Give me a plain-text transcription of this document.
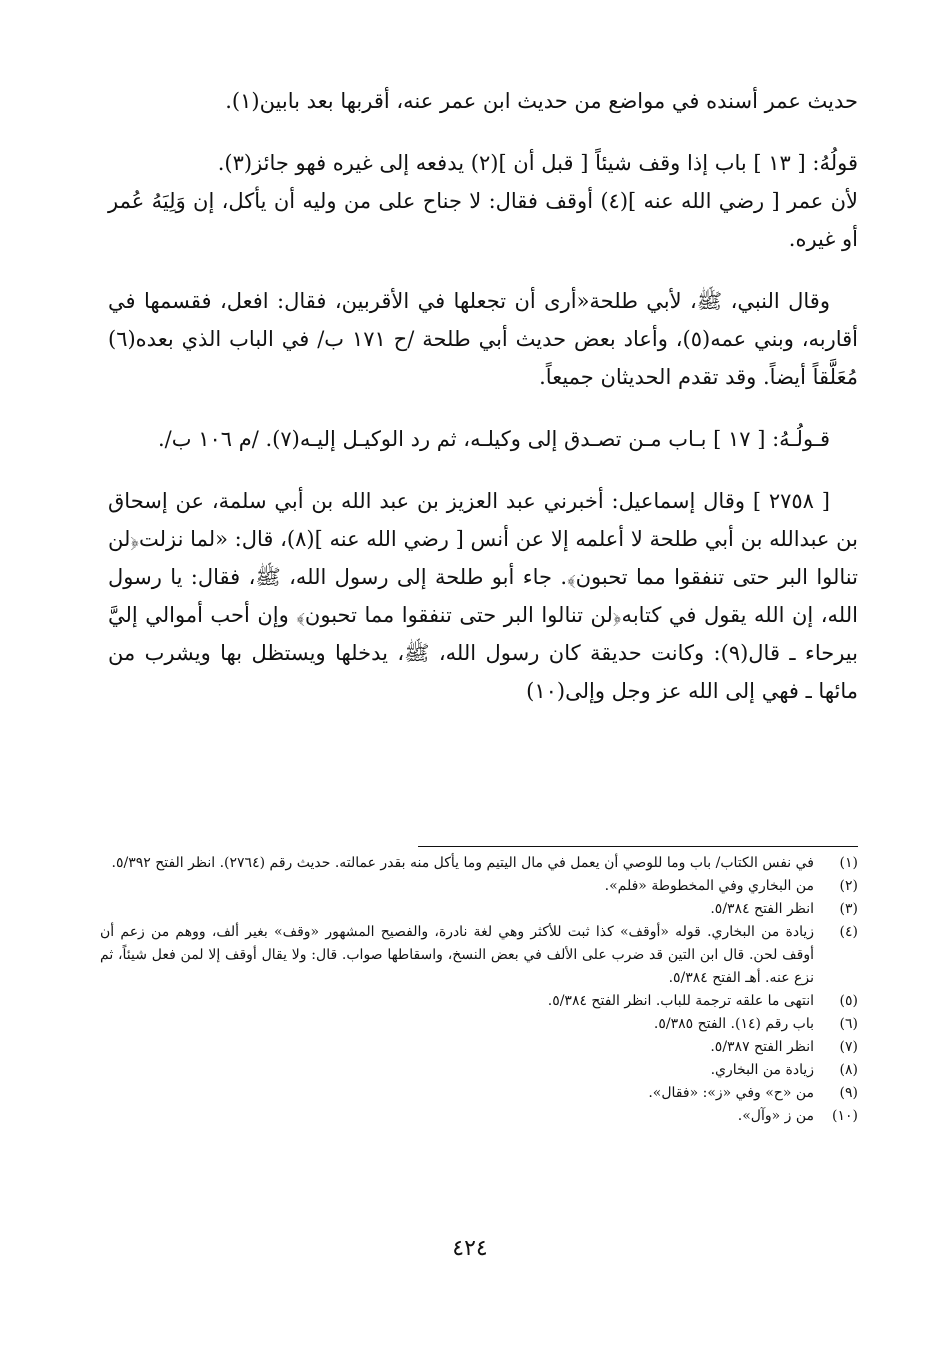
حديث عمر أسنده في مواضع من حديث ابن عمر عنه، أقربها بعد بابين(١).

قولُهُ: [ ١٣ ] باب إذا وقف شيئاً [ قبل أن ](٢) يدفعه إلى غيره فهو جائز(٣).

لأن عمر [ رضي الله عنه ](٤) أوقف فقال: لا جناح على من وليه أن يأكل، إن وَلِيَهُ عُمر أو غيره.

وقال النبي، ﷺ، لأبي طلحة«أرى أن تجعلها في الأقربين، فقال: افعل، فقسمها في أقاربه، وبني عمه(٥)، وأعاد بعض حديث أبي طلحة /ح ١٧١ ب/ في الباب الذي بعده(٦) مُعَلَّقاً أيضاً. وقد تقدم الحديثان جميعاً.

قـولُـهُ: [ ١٧ ] بـاب مـن تصـدق إلى وكيلـه، ثم رد الوكيـل إليـه(٧). /م ١٠٦ ب/.

[ ٢٧٥٨ ] وقال إسماعيل: أخبرني عبد العزيز بن عبد الله بن أبي سلمة، عن إسحاق بن عبدالله بن أبي طلحة لا أعلمه إلا عن أنس [ رضي الله عنه ](٨)، قال: «لما نزلت﴿لن تنالوا البر حتى تنفقوا مما تحبون﴾. جاء أبو طلحة إلى رسول الله، ﷺ، فقال: يا رسول الله، إن الله يقول في كتابه﴿لن تنالوا البر حتى تنفقوا مما تحبون﴾ وإن أحب أموالي إليَّ بيرحاء ـ قال(٩): وكانت حديقة كان رسول الله، ﷺ، يدخلها ويستظل بها ويشرب من مائها ـ فهي إلى الله عز وجل وإلى(١٠)

(١)
في نفس الكتاب/ باب وما للوصي أن يعمل في مال اليتيم وما يأكل منه بقدر عمالته. حديث رقم (٢٧٦٤). انظر الفتح ٥/٣٩٢.
(٢)
من البخاري وفي المخطوطة «فلم».
(٣)
انظر الفتح ٥/٣٨٤.
(٤)
زيادة من البخاري. قوله «أوقف» كذا ثبت للأكثر وهي لغة نادرة، والفصيح المشهور «وقف» بغير ألف، ووهم من زعم أن أوقف لحن. قال ابن التين قد ضرب على الألف في بعض النسخ، واسقاطها صواب. قال: ولا يقال أوقف إلا لمن فعل شيئاً، ثم نزع عنه. أهـ الفتح ٥/٣٨٤.
(٥)
انتهى ما علقه ترجمة للباب. انظر الفتح ٥/٣٨٤.
(٦)
باب رقم (١٤). الفتح ٥/٣٨٥.
(٧)
انظر الفتح ٥/٣٨٧.
(٨)
زيادة من البخاري.
(٩)
من «ح» وفي «ز»: «فقال».
(١٠)
من ز «وآل».
٤٢٤
